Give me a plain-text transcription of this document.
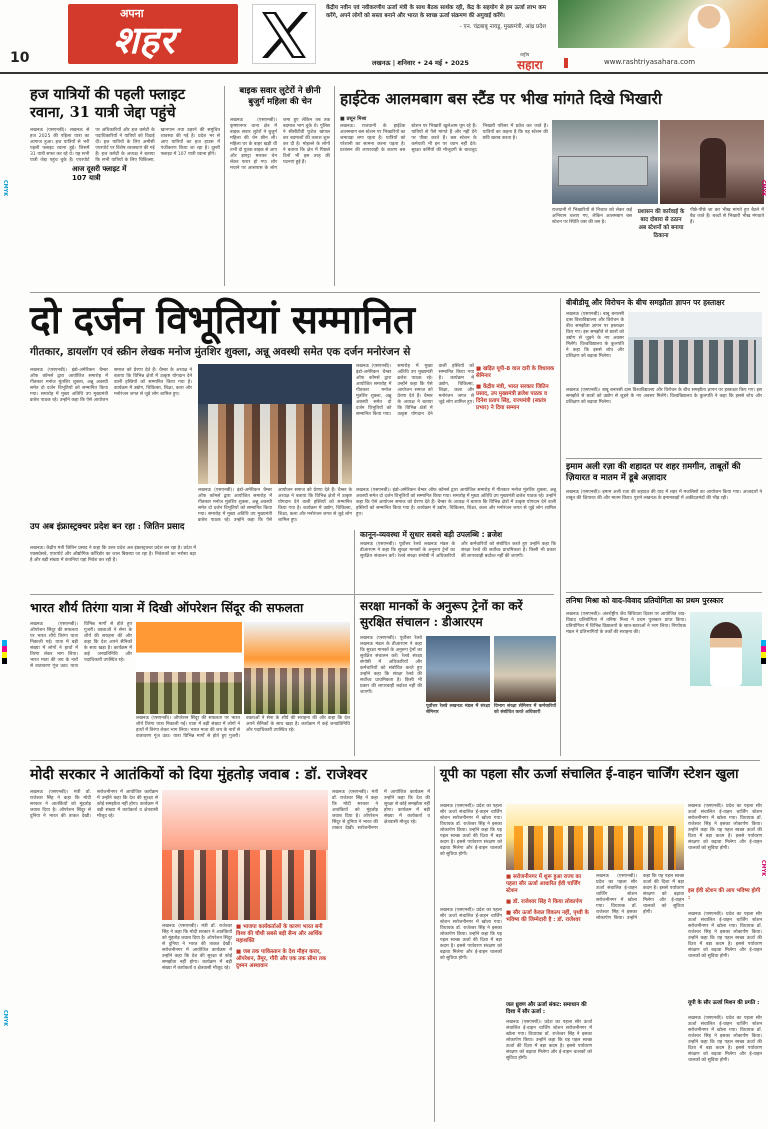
10
अपना
शहर
केंद्रीय नवीन एवं नवीकरणीय ऊर्जा मंत्री के साथ बैठक सार्थक रही, केंद्र के सहयोग से हम ऊर्जा लाभ कम करेंगे, अपने लोगों को सस्ता बनाने और भारत के स्वच्छ ऊर्जा संक्रमण की अगुवाई करेंगे।
- एन. चंद्रबाबू नायडू, मुख्यमंत्री, आंध्र प्रदेश
लखनऊ | शनिवार • 24 मई • 2025
राष्ट्रीय
सहारा	www.rashtriyasahara.com
हज यात्रियों की पहली फ्लाइट रवाना, 31 यात्री जेद्दा पहुंचे
आज दूसरी फ्लाइट में 107 यात्री
लखनऊ (एसएनबी)। लखनऊ से हज 2025 की पहिला यात्रा का आगाज हुआ। हज यात्रियों से भरी पहली फ्लाइट रवाना हुई। जिसमें 31 यात्री सफर कर रहे थे। यह सभी यात्री जेद्दा पहुंच चुके हैं। एयरपोर्ट पर अधिकारियों और हज कमेटी के पदाधिकारियों ने यात्रियों को विदाई दी। हज यात्रियों के लिए अमौसी एयरपोर्ट पर विशेष व्यवस्थाएं की गई हैं। हज कमेटी के अध्यक्ष ने बताया कि सभी यात्रियों के लिए चिकित्सा, खानपान तथा ठहरने की समुचित व्यवस्था की गई है। प्रदेश भर से आए यात्रियों का हज हाउस में पंजीकरण किया जा रहा है। दूसरी फ्लाइट में 107 यात्री रवाना होंगे।
बाइक सवार लुटेरों ने छीनी बुजुर्ग महिला की चेन
लखनऊ (एसएनबी)। कृष्णानगर थाना क्षेत्र में बाइक सवार लुटेरों ने बुजुर्ग महिला की चेन छीन ली। महिला घर के बाहर खड़ी थीं तभी दो युवक बाइक से आए और झपट्टा मारकर चेन लेकर फरार हो गए। शोर मचाने पर आसपास के लोग जमा हुए लेकिन तब तक बदमाश भाग चुके थे। पुलिस ने सीसीटीवी फुटेज खंगाल कर बदमाशों की तलाश शुरू कर दी है। मोहल्ले के लोगों ने बताया कि क्षेत्र में पिछले दिनों भी इस तरह की घटनाएं हुई हैं।
हाईटेक आलमबाग बस स्टैंड पर भीख मांगते दिखे भिखारी
■ प्रसून मिश्रा
लखनऊ। राजधानी के हाईटेक आलमबाग बस स्टेशन पर भिखारियों का जमावड़ा लगा रहता है। यात्रियों को परेशानी का सामना करना पड़ता है। प्रशासन की लापरवाही के कारण बस स्टेशन पर भिखारी खुलेआम घूम रहे हैं। यात्रियों से पैसे मांगते हैं और नहीं देने पर पीछा करते हैं। बस स्टेशन के कर्मचारी भी इन पर ध्यान नहीं देते। सुरक्षा कर्मियों की मौजूदगी के बावजूद भिखारी परिसर में प्रवेश कर जाते हैं। यात्रियों का कहना है कि यह स्टेशन की छवि खराब करता है।
राजधानी में भिखारियों से निजात को लेकर कई अभियान चलाए गए, लेकिन आलमबाग बस स्टेशन पर स्थिति जस की तस है।
प्रशासन की कार्रवाई के बाद दोबारा से ठठान अब स्टेशनों को बनाया ठिकाना
पीछे-पीछे जा कर भीख मांगते हुए बैठने में बैठ जाते हैं। बच्चों से भिखारी भीख मंगवाते हैं।
दो दर्जन विभूतियां सम्मानित
गीतकार, डायलॉग एवं स्क्रीन लेखक मनोज मुंतशिर शुक्ला, अन्नू अवस्थी समेत एक दर्जन मनोरंजन से
लखनऊ (एसएनबी)। इंडो-अमेरिकन चैम्बर ऑफ कॉमर्स द्वारा आयोजित समारोह में गीतकार मनोज मुंतशिर शुक्ला, अन्नू अवस्थी समेत दो दर्जन विभूतियों को सम्मानित किया गया। समारोह में मुख्य अतिथि उप मुख्यमंत्री ब्रजेश पाठक रहे। उन्होंने कहा कि ऐसे आयोजन समाज को प्रेरणा देते हैं। चैम्बर के अध्यक्ष ने बताया कि विभिन्न क्षेत्रों में उत्कृष्ट योगदान देने वाली हस्तियों को सम्मानित किया गया है। कार्यक्रम में उद्योग, चिकित्सा, शिक्षा, कला और मनोरंजन जगत से जुड़े लोग शामिल हुए।
लखनऊ (एसएनबी)। इंडो-अमेरिकन चैम्बर ऑफ कॉमर्स द्वारा आयोजित समारोह में गीतकार मनोज मुंतशिर शुक्ला, अन्नू अवस्थी समेत दो दर्जन विभूतियों को सम्मानित किया गया। समारोह में मुख्य अतिथि उप मुख्यमंत्री ब्रजेश पाठक रहे। उन्होंने कहा कि ऐसे आयोजन समाज को प्रेरणा देते हैं। चैम्बर के अध्यक्ष ने बताया कि विभिन्न क्षेत्रों में उत्कृष्ट योगदान देने वाली हस्तियों को सम्मानित किया गया है। कार्यक्रम में उद्योग, चिकित्सा, शिक्षा, कला और मनोरंजन जगत से जुड़े लोग शामिल हुए।
■ खड़ित यूपी-8 वाल दारी के विधायक सेमिनार
■ केंद्रीय मंत्री, भारत सरकार जितिन प्रसाद, उप मुख्यमंत्री ब्रजेश पाठक व दिनेश प्रताप सिंह, राज्यमंत्री (स्वतंत्र प्रभार) ने दिया सम्मान
लखनऊ (एसएनबी)। इंडो-अमेरिकन चैम्बर ऑफ कॉमर्स द्वारा आयोजित समारोह में गीतकार मनोज मुंतशिर शुक्ला, अन्नू अवस्थी समेत दो दर्जन विभूतियों को सम्मानित किया गया। समारोह में मुख्य अतिथि उप मुख्यमंत्री ब्रजेश पाठक रहे। उन्होंने कहा कि ऐसे आयोजन समाज को प्रेरणा देते हैं। चैम्बर के अध्यक्ष ने बताया कि विभिन्न क्षेत्रों में उत्कृष्ट योगदान देने वाली हस्तियों को सम्मानित किया गया है। कार्यक्रम में उद्योग, चिकित्सा, शिक्षा, कला और मनोरंजन जगत से जुड़े लोग शामिल हुए।
लखनऊ (एसएनबी)। इंडो-अमेरिकन चैम्बर ऑफ कॉमर्स द्वारा आयोजित समारोह में गीतकार मनोज मुंतशिर शुक्ला, अन्नू अवस्थी समेत दो दर्जन विभूतियों को सम्मानित किया गया। समारोह में मुख्य अतिथि उप मुख्यमंत्री ब्रजेश पाठक रहे। उन्होंने कहा कि ऐसे आयोजन समाज को प्रेरणा देते हैं। चैम्बर के अध्यक्ष ने बताया कि विभिन्न क्षेत्रों में उत्कृष्ट योगदान देने वाली हस्तियों को सम्मानित किया गया है। कार्यक्रम में उद्योग, चिकित्सा, शिक्षा, कला और मनोरंजन जगत से जुड़े लोग शामिल हुए।
उप अब इंफ्रास्ट्रक्चर प्रदेश बन रहा : जितिन प्रसाद
लखनऊ। केंद्रीय मंत्री जितिन प्रसाद ने कहा कि उत्तर प्रदेश अब इंफ्रास्ट्रक्चर प्रदेश बन रहा है। प्रदेश में एक्सप्रेसवे, एयरपोर्ट और औद्योगिक कॉरिडोर का जाल बिछाया जा रहा है। निवेशकों का भरोसा बढ़ा है और बड़ी संख्या में कंपनियां यहां निवेश कर रही हैं।
भारत शौर्य तिरंगा यात्रा में दिखी ऑपरेशन सिंदूर की सफलता
लखनऊ (एसएनबी)। ऑपरेशन सिंदूर की सफलता पर भारत शौर्य तिरंगा यात्रा निकाली गई। यात्रा में बड़ी संख्या में लोगों ने हाथों में तिरंगा लेकर भाग लिया। भारत माता की जय के नारों से वातावरण गूंज उठा। यात्रा विभिन्न मार्गों से होते हुए गुजरी। वक्ताओं ने सेना के शौर्य की सराहना की और कहा कि देश अपने सैनिकों के साथ खड़ा है। कार्यक्रम में कई जनप्रतिनिधि और पदाधिकारी उपस्थित रहे।
लखनऊ (एसएनबी)। ऑपरेशन सिंदूर की सफलता पर भारत शौर्य तिरंगा यात्रा निकाली गई। यात्रा में बड़ी संख्या में लोगों ने हाथों में तिरंगा लेकर भाग लिया। भारत माता की जय के नारों से वातावरण गूंज उठा। यात्रा विभिन्न मार्गों से होते हुए गुजरी। वक्ताओं ने सेना के शौर्य की सराहना की और कहा कि देश अपने सैनिकों के साथ खड़ा है। कार्यक्रम में कई जनप्रतिनिधि और पदाधिकारी उपस्थित रहे।
कानून-व्यवस्था में सुधार सबसे बड़ी उपलब्धि : ब्रजेश
लखनऊ (एसएनबी)। पूर्वोत्तर रेलवे लखनऊ मंडल के डीआरएम ने कहा कि सुरक्षा मानकों के अनुरूप ट्रेनों का सुरक्षित संचालन करें। रेलवे संरक्षा संगोष्ठी में अधिकारियों और कर्मचारियों को संबोधित करते हुए उन्होंने कहा कि संरक्षा रेलवे की सर्वोच्च प्राथमिकता है। किसी भी प्रकार की लापरवाही बर्दाश्त नहीं की जाएगी।
सरक्षा मानकों के अनुरूप ट्रेनों का करें सुरक्षित संचालन : डीआरएम
लखनऊ (एसएनबी)। पूर्वोत्तर रेलवे लखनऊ मंडल के डीआरएम ने कहा कि सुरक्षा मानकों के अनुरूप ट्रेनों का सुरक्षित संचालन करें। रेलवे संरक्षा संगोष्ठी में अधिकारियों और कर्मचारियों को संबोधित करते हुए उन्होंने कहा कि संरक्षा रेलवे की सर्वोच्च प्राथमिकता है। किसी भी प्रकार की लापरवाही बर्दाश्त नहीं की जाएगी।
पूर्वोत्तर रेलवे लखनऊ मंडल में संरक्षा सेमिनार
विभाग संरक्षा सेमिनार में कर्मचारियों को संबोधित करते अधिकारी
बीबीडीयू और विरोचन के बीच समझौता ज्ञापन पर हस्ताक्षर
लखनऊ (एसएनबी)। बाबू बनारसी दास विश्वविद्यालय और विरोचन के बीच समझौता ज्ञापन पर हस्ताक्षर किए गए। इस समझौते से छात्रों को उद्योग से जुड़ने के नए अवसर मिलेंगे। विश्वविद्यालय के कुलपति ने कहा कि इससे शोध और प्रशिक्षण को बढ़ावा मिलेगा।
लखनऊ (एसएनबी)। बाबू बनारसी दास विश्वविद्यालय और विरोचन के बीच समझौता ज्ञापन पर हस्ताक्षर किए गए। इस समझौते से छात्रों को उद्योग से जुड़ने के नए अवसर मिलेंगे। विश्वविद्यालय के कुलपति ने कहा कि इससे शोध और प्रशिक्षण को बढ़ावा मिलेगा।
इमाम अली रज़ा की शहादत पर शहर ग़मगीन, ताबूतों की ज़ियारत व मातम में डूबे अज़ादार
लखनऊ (एसएनबी)। इमाम अली रज़ा की शहादत की याद में शहर में मजलिसों का आयोजन किया गया। अजादारों ने ताबूत की ज़ियारत की और मातम किया। पुराने लखनऊ के इमामबाड़ों में अकीदतमंदों की भीड़ रही।
तनिषा मिश्रा को वाद-विवाद प्रतियोगिता का प्रथम पुरस्कार
लखनऊ (एसएनबी)। अंतर्राष्ट्रीय जैव विविधता दिवस पर आयोजित वाद-विवाद प्रतियोगिता में तनिषा मिश्रा ने प्रथम पुरस्कार प्राप्त किया। प्रतियोगिता में विभिन्न विद्यालयों के छात्र-छात्राओं ने भाग लिया। निर्णायक मंडल ने प्रतिभागियों के तर्कों की सराहना की।
मोदी सरकार ने आतंकियों को दिया मुंहतोड़ जवाब : डॉ. राजेश्वर
लखनऊ (एसएनबी)। मंत्री डॉ. राजेश्वर सिंह ने कहा कि मोदी सरकार ने आतंकियों को मुंहतोड़ जवाब दिया है। ऑपरेशन सिंदूर से दुनिया ने भारत की ताकत देखी। सरोजनीनगर में आयोजित कार्यक्रम में उन्होंने कहा कि देश की सुरक्षा से कोई समझौता नहीं होगा। कार्यक्रम में बड़ी संख्या में कार्यकर्ता व क्षेत्रवासी मौजूद रहे।
■ भाजपा कार्यकर्ताओं के कारण भारत बनी विश्व की चौथी सबसे बड़ी सैन्य और आर्थिक महाशक्ति
■ जब तक पाकिस्तान के देश मौहन करार, ऑपरेशन, तैमूर, गौरी और एक तक सीमा तक दुश्मन अस्थावान
लखनऊ (एसएनबी)। मंत्री डॉ. राजेश्वर सिंह ने कहा कि मोदी सरकार ने आतंकियों को मुंहतोड़ जवाब दिया है। ऑपरेशन सिंदूर से दुनिया ने भारत की ताकत देखी। सरोजनीनगर में आयोजित कार्यक्रम में उन्होंने कहा कि देश की सुरक्षा से कोई समझौता नहीं होगा। कार्यक्रम में बड़ी संख्या में कार्यकर्ता व क्षेत्रवासी मौजूद रहे।
लखनऊ (एसएनबी)। मंत्री डॉ. राजेश्वर सिंह ने कहा कि मोदी सरकार ने आतंकियों को मुंहतोड़ जवाब दिया है। ऑपरेशन सिंदूर से दुनिया ने भारत की ताकत देखी। सरोजनीनगर में आयोजित कार्यक्रम में उन्होंने कहा कि देश की सुरक्षा से कोई समझौता नहीं होगा। कार्यक्रम में बड़ी संख्या में कार्यकर्ता व क्षेत्रवासी मौजूद रहे।
यूपी का पहला सौर ऊर्जा संचालित ई-वाहन चार्जिंग स्टेशन खुला
लखनऊ (एसएनबी)। प्रदेश का पहला सौर ऊर्जा संचालित ई-वाहन चार्जिंग स्टेशन सरोजनीनगर में खोला गया। विधायक डॉ. राजेश्वर सिंह ने इसका लोकार्पण किया। उन्होंने कहा कि यह पहल स्वच्छ ऊर्जा की दिशा में बड़ा कदम है। इससे पर्यावरण संरक्षण को बढ़ावा मिलेगा और ई-वाहन चालकों को सुविधा होगी।
लखनऊ (एसएनबी)। प्रदेश का पहला सौर ऊर्जा संचालित ई-वाहन चार्जिंग स्टेशन सरोजनीनगर में खोला गया। विधायक डॉ. राजेश्वर सिंह ने इसका लोकार्पण किया। उन्होंने कहा कि यह पहल स्वच्छ ऊर्जा की दिशा में बड़ा कदम है। इससे पर्यावरण संरक्षण को बढ़ावा मिलेगा और ई-वाहन चालकों को सुविधा होगी।
■ सरोजनीनगर में शुरू हुआ राज्य का पहला सौर ऊर्जा आधारित ईवी चार्जिंग स्टेशन
■ डॉ. राजेश्वर सिंह ने किया लोकार्पण
■ सौर ऊर्जा केवल विकल्प नहीं, पृथ्वी के भविष्य की जिम्मेदारी है : डॉ. राजेश्वर
लखनऊ (एसएनबी)। प्रदेश का पहला सौर ऊर्जा संचालित ई-वाहन चार्जिंग स्टेशन सरोजनीनगर में खोला गया। विधायक डॉ. राजेश्वर सिंह ने इसका लोकार्पण किया। उन्होंने कहा कि यह पहल स्वच्छ ऊर्जा की दिशा में बड़ा कदम है। इससे पर्यावरण संरक्षण को बढ़ावा मिलेगा और ई-वाहन चालकों को सुविधा होगी।
इस ईवी स्टेशन की आय भविष्य होगी :
यूपी के सौर ऊर्जा मिशन की प्रगति :
जल ध्रुवण और ऊर्जा संकट: समाधान की दिशा में सौर ऊर्जा :
लखनऊ (एसएनबी)। प्रदेश का पहला सौर ऊर्जा संचालित ई-वाहन चार्जिंग स्टेशन सरोजनीनगर में खोला गया। विधायक डॉ. राजेश्वर सिंह ने इसका लोकार्पण किया। उन्होंने कहा कि यह पहल स्वच्छ ऊर्जा की दिशा में बड़ा कदम है। इससे पर्यावरण संरक्षण को बढ़ावा मिलेगा और ई-वाहन चालकों को सुविधा होगी।
लखनऊ (एसएनबी)। प्रदेश का पहला सौर ऊर्जा संचालित ई-वाहन चार्जिंग स्टेशन सरोजनीनगर में खोला गया। विधायक डॉ. राजेश्वर सिंह ने इसका लोकार्पण किया। उन्होंने कहा कि यह पहल स्वच्छ ऊर्जा की दिशा में बड़ा कदम है। इससे पर्यावरण संरक्षण को बढ़ावा मिलेगा और ई-वाहन चालकों को सुविधा होगी।	लखनऊ (एसएनबी)। प्रदेश का पहला सौर ऊर्जा संचालित ई-वाहन चार्जिंग स्टेशन सरोजनीनगर में खोला गया। विधायक डॉ. राजेश्वर सिंह ने इसका लोकार्पण किया। उन्होंने कहा कि यह पहल स्वच्छ ऊर्जा की दिशा में बड़ा कदम है। इससे पर्यावरण संरक्षण को बढ़ावा मिलेगा और ई-वाहन चालकों को सुविधा होगी।
लखनऊ (एसएनबी)। प्रदेश का पहला सौर ऊर्जा संचालित ई-वाहन चार्जिंग स्टेशन सरोजनीनगर में खोला गया। विधायक डॉ. राजेश्वर सिंह ने इसका लोकार्पण किया। उन्होंने कहा कि यह पहल स्वच्छ ऊर्जा की दिशा में बड़ा कदम है। इससे पर्यावरण संरक्षण को बढ़ावा मिलेगा और ई-वाहन चालकों को सुविधा होगी।
CMYK
CMYK
CMYK
CMYK
